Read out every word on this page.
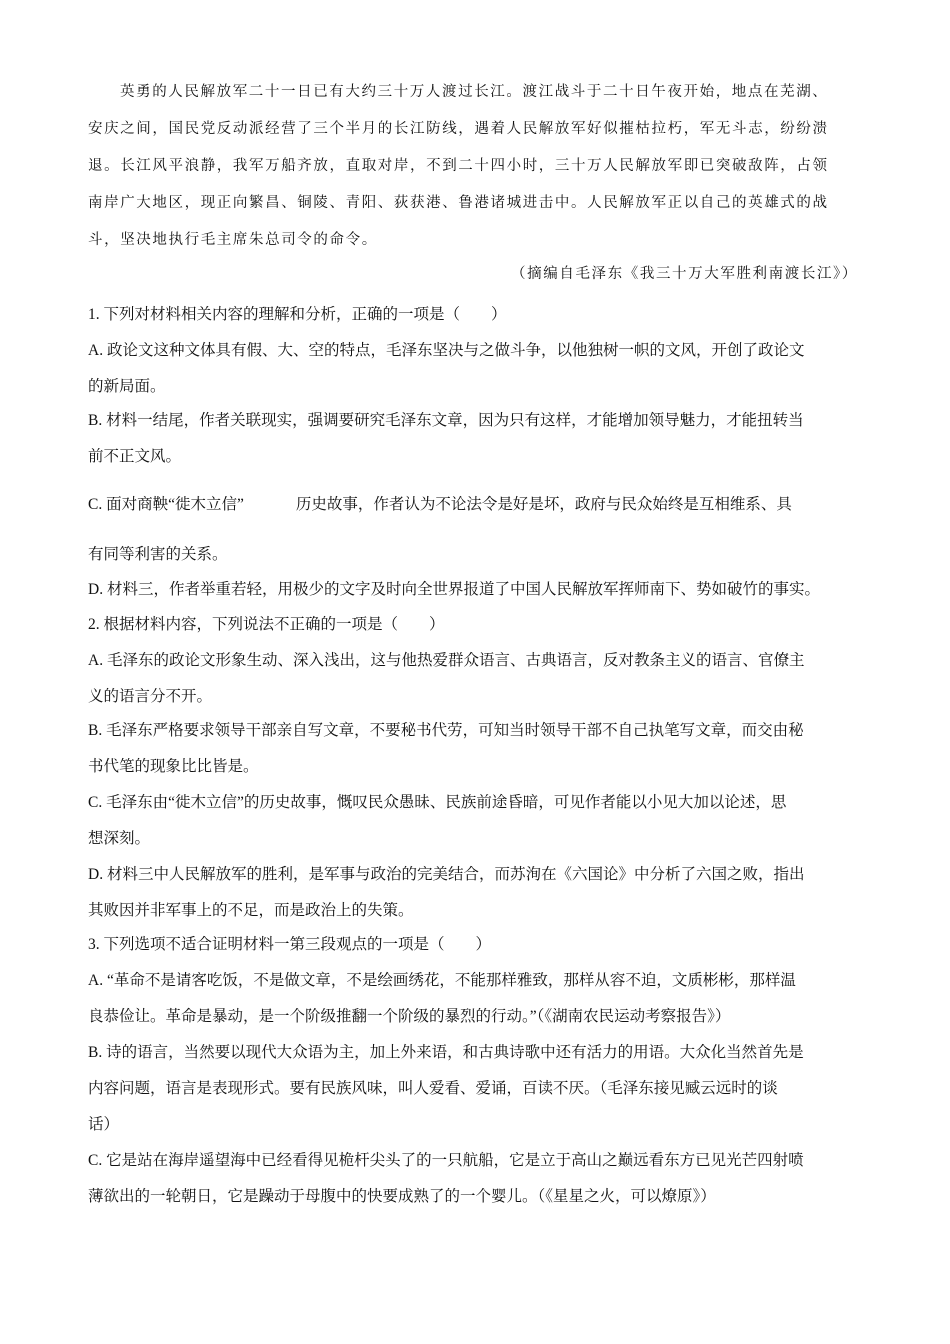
英勇的人民解放军二十一日已有大约三十万人渡过长江。渡江战斗于二十日午夜开始，地点在芜湖、
安庆之间，国民党反动派经营了三个半月的长江防线，遇着人民解放军好似摧枯拉朽，军无斗志，纷纷溃
退。长江风平浪静，我军万船齐放，直取对岸，不到二十四小时，三十万人民解放军即已突破敌阵，占领
南岸广大地区，现正向繁昌、铜陵、青阳、荻获港、鲁港诸城进击中。人民解放军正以自己的英雄式的战
斗，坚决地执行毛主席朱总司令的命令。
（摘编自毛泽东《我三十万大军胜利南渡长江》）
1. 下列对材料相关内容的理解和分析，正确的一项是（　　）
A. 政论文这种文体具有假、大、空的特点，毛泽东坚决与之做斗争，以他独树一帜的文风，开创了政论文
的新局面。
B. 材料一结尾，作者关联现实，强调要研究毛泽东文章，因为只有这样，才能增加领导魅力，才能扭转当
前不正文风。
C. 面对商鞅“徙木立信”	历史故事，作者认为不论法令是好是坏，政府与民众始终是互相维系、具
有同等利害的关系。
D. 材料三，作者举重若轻，用极少的文字及时向全世界报道了中国人民解放军挥师南下、势如破竹的事实。
2. 根据材料内容，下列说法不正确的一项是（　　）
A. 毛泽东的政论文形象生动、深入浅出，这与他热爱群众语言、古典语言，反对教条主义的语言、官僚主
义的语言分不开。
B. 毛泽东严格要求领导干部亲自写文章，不要秘书代劳，可知当时领导干部不自己执笔写文章，而交由秘
书代笔的现象比比皆是。
C. 毛泽东由“徙木立信”的历史故事，慨叹民众愚昧、民族前途昏暗，可见作者能以小见大加以论述，思
想深刻。
D. 材料三中人民解放军的胜利，是军事与政治的完美结合，而苏洵在《六国论》中分析了六国之败，指出
其败因并非军事上的不足，而是政治上的失策。
3. 下列选项不适合证明材料一第三段观点的一项是（　　）
A. “革命不是请客吃饭，不是做文章，不是绘画绣花，不能那样雅致，那样从容不迫，文质彬彬，那样温
良恭俭让。革命是暴动，是一个阶级推翻一个阶级的暴烈的行动。”（《湖南农民运动考察报告》）
B. 诗的语言，当然要以现代大众语为主，加上外来语，和古典诗歌中还有活力的用语。大众化当然首先是
内容问题，语言是表现形式。要有民族风味，叫人爱看、爱诵，百读不厌。（毛泽东接见臧云远时的谈
话）
C. 它是站在海岸遥望海中已经看得见桅杆尖头了的一只航船，它是立于高山之巅远看东方已见光芒四射喷
薄欲出的一轮朝日，它是躁动于母腹中的快要成熟了的一个婴儿。（《星星之火，可以燎原》）
